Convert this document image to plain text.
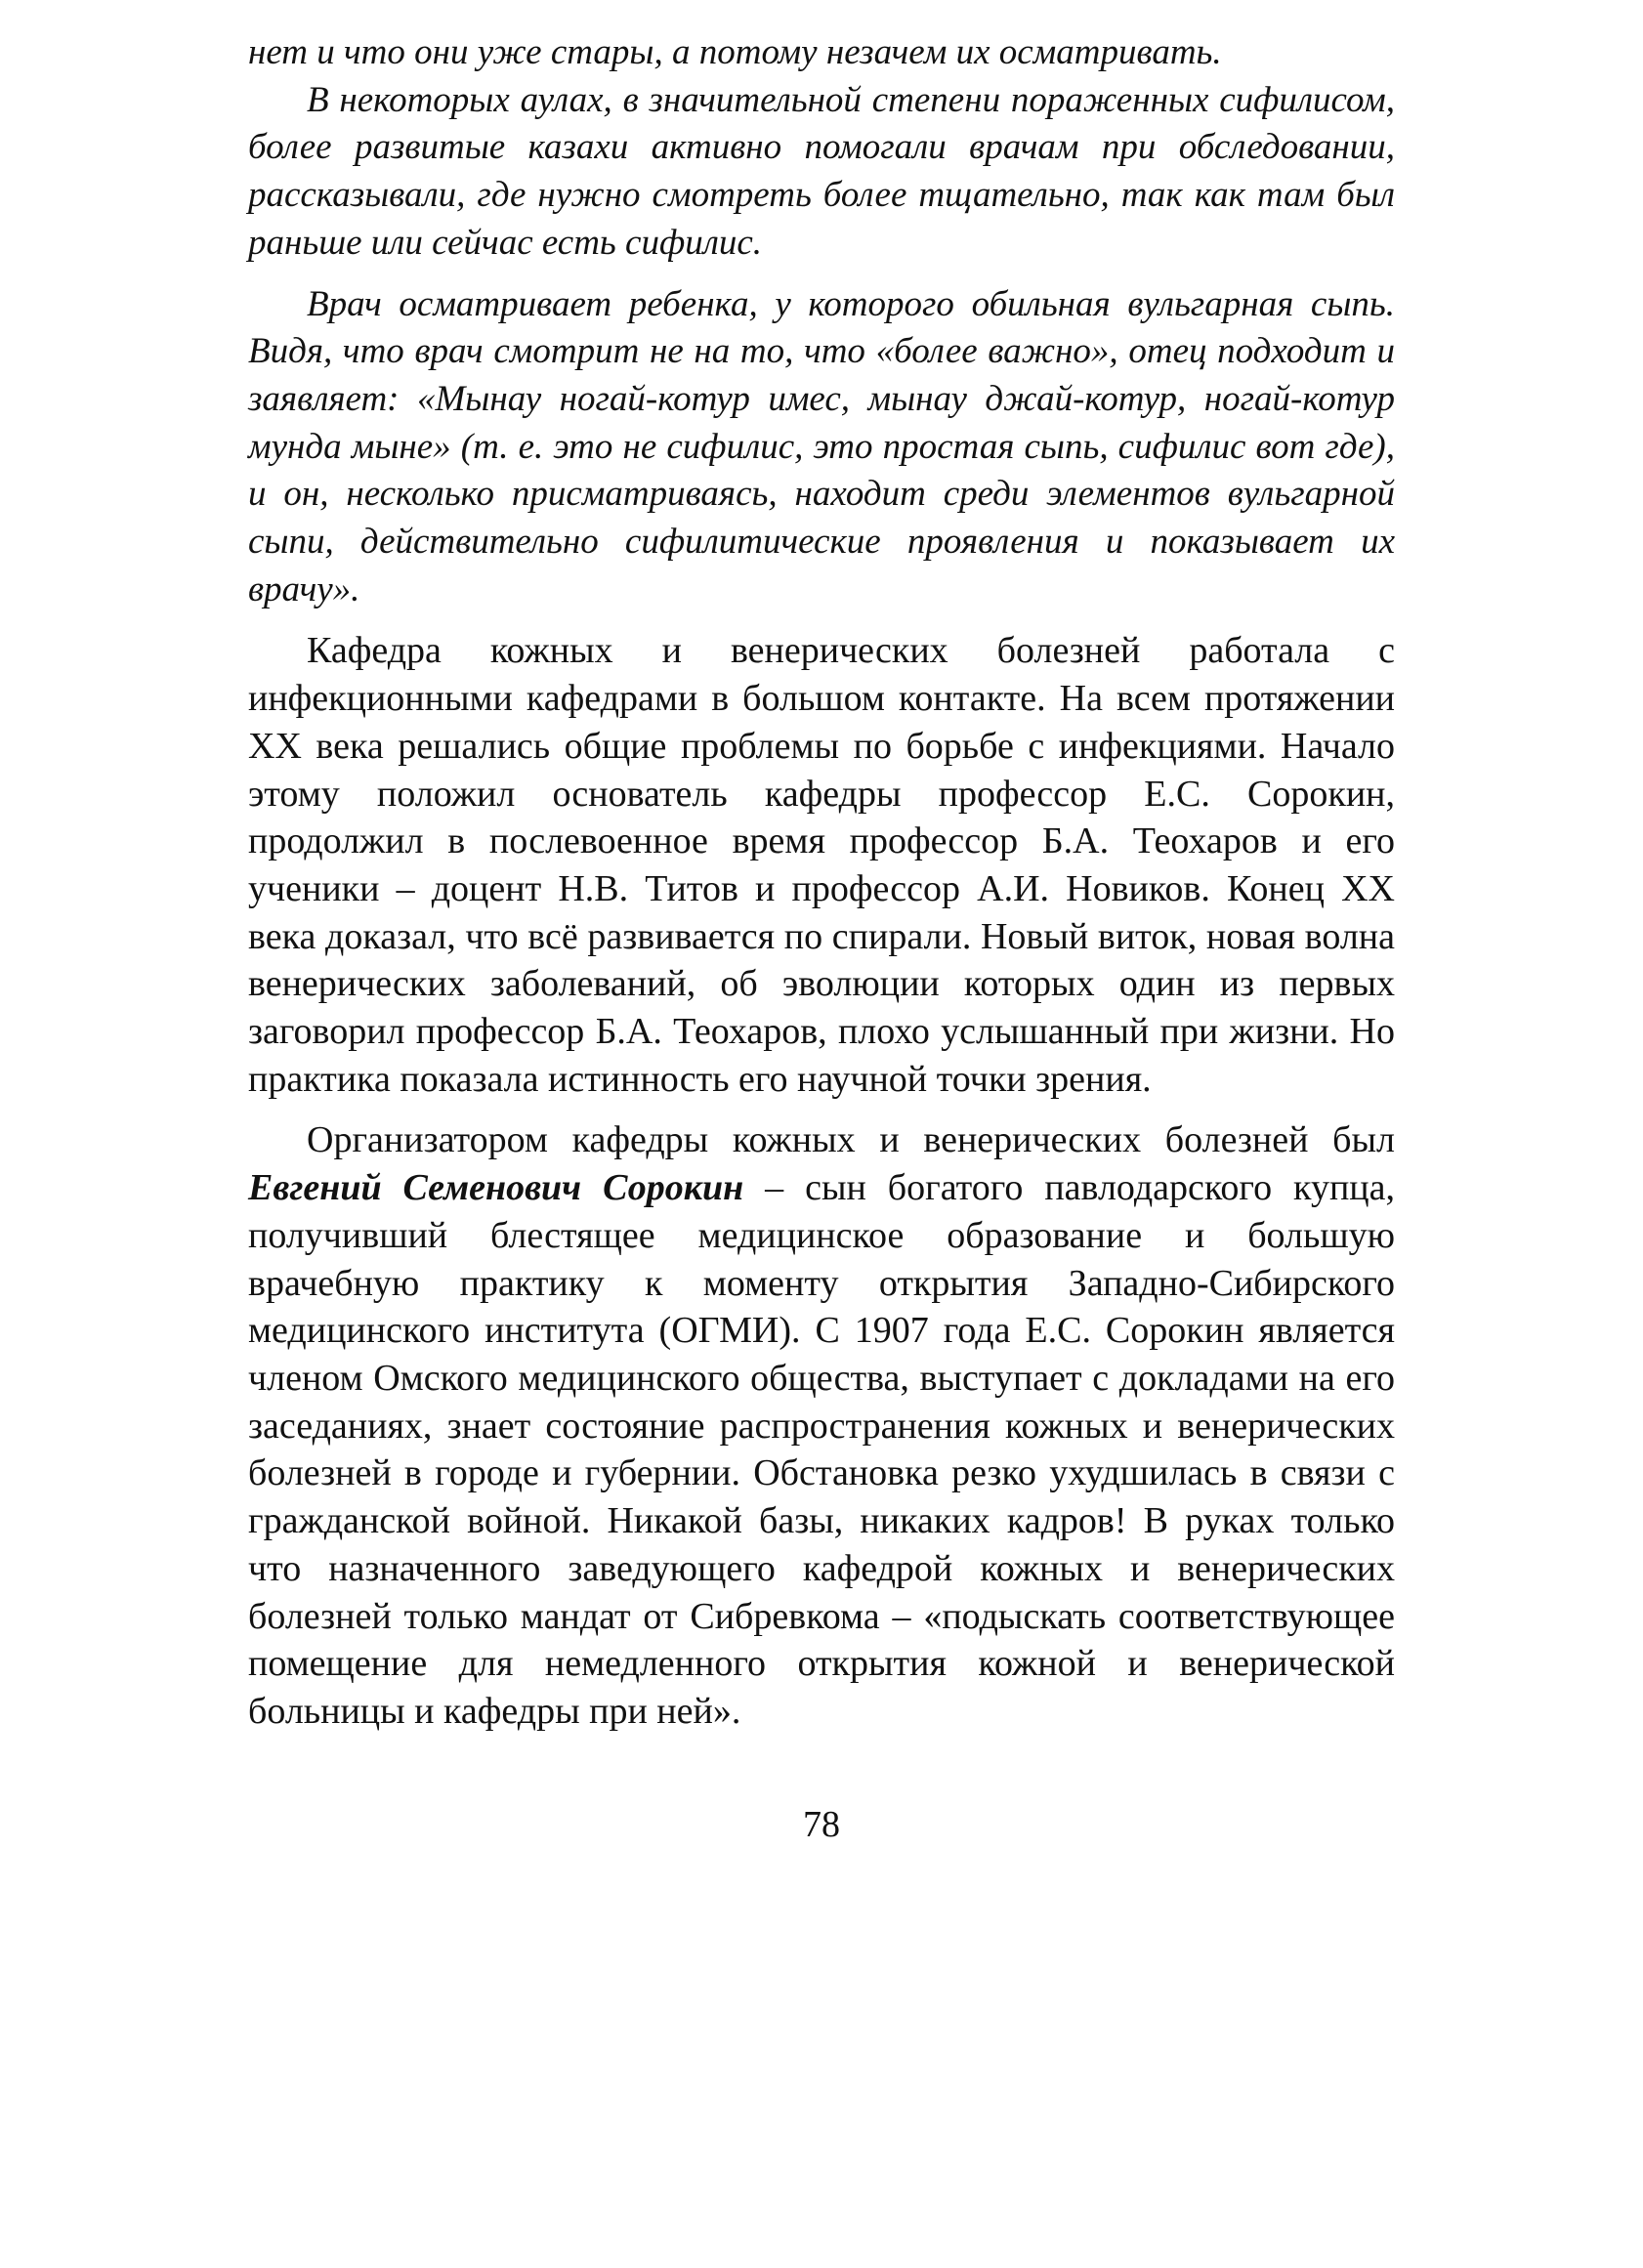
нет и что они уже стары, а потому незачем их осматривать.

В некоторых аулах, в значительной степени пораженных сифилисом, более развитые казахи активно помогали врачам при обследовании, рассказывали, где нужно смотреть более тщательно, так как там был раньше или сейчас есть сифилис.

Врач осматривает ребенка, у которого обильная вульгарная сыпь. Видя, что врач смотрит не на то, что «более важно», отец подходит и заявляет: «Мынау ногай-котур имес, мынау джай-котур, ногай-котур мунда мыне» (т. е. это не сифилис, это простая сыпь, сифилис вот где), и он, несколько присматриваясь, находит среди элементов вульгарной сыпи, действительно сифилитические проявления и показывает их врачу».

Кафедра кожных и венерических болезней работала с инфекционными кафедрами в большом контакте. На всем протяжении XX века решались общие проблемы по борьбе с инфекциями. Начало этому положил основатель кафедры профессор Е.С. Сорокин, продолжил в послевоенное время профессор Б.А. Теохаров и его ученики – доцент Н.В. Титов и профессор А.И. Новиков. Конец XX века доказал, что всё развивается по спирали. Новый виток, новая волна венерических заболеваний, об эволюции которых один из первых заговорил профессор Б.А. Теохаров, плохо услышанный при жизни. Но практика показала истинность его научной точки зрения.

Организатором кафедры кожных и венерических болезней был Евгений Семенович Сорокин – сын богатого павлодарского купца, получивший блестящее медицинское образование и большую врачебную практику к моменту открытия Западно-Сибирского медицинского института (ОГМИ). С 1907 года Е.С. Сорокин является членом Омского медицинского общества, выступает с докладами на его заседаниях, знает состояние распространения кожных и венерических болезней в городе и губернии. Обстановка резко ухудшилась в связи с гражданской войной. Никакой базы, никаких кадров! В руках только что назначенного заведующего кафедрой кожных и венерических болезней только мандат от Сибревкома – «подыскать соответствующее помещение для немедленного открытия кожной и венерической больницы и кафедры при ней».

78
